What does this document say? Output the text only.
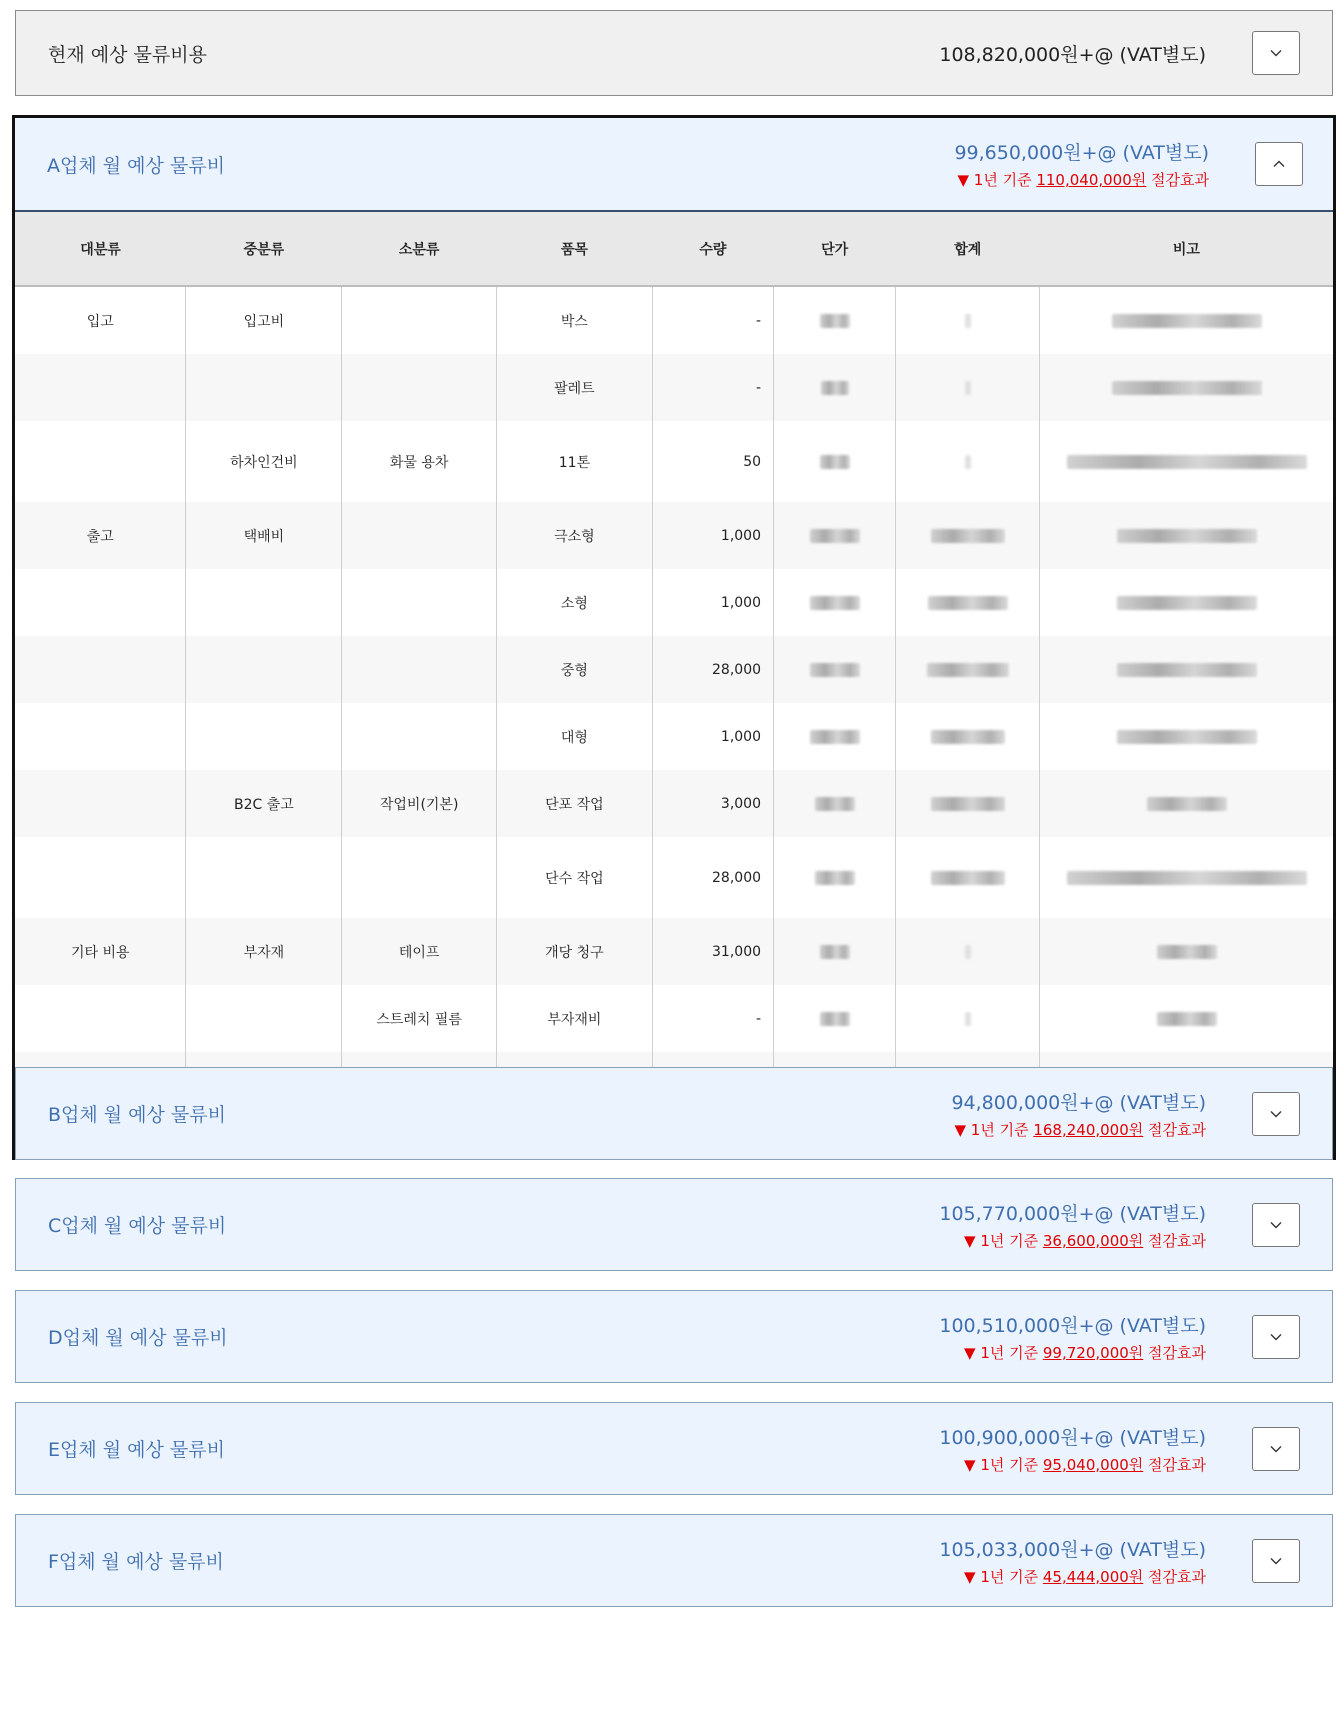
현재 예상 물류비용	108,820,000원+@ (VAT별도)
A업체 월 예상 물류비
99,650,000원+@ (VAT별도)
▼ 1년 기준 110,040,000원 절감효과
대분류	중분류	소분류	품목	수량	단가	합계	비고
입고	입고비		박스	-			
			팔레트	-			
	하차인건비	화물 용차	11톤	50			
출고	택배비		극소형	1,000			
			소형	1,000			
			중형	28,000			
			대형	1,000			
	B2C 출고	작업비(기본)	단포 작업	3,000			
			단수 작업	28,000			
기타 비용	부자재	테이프	개당 청구	31,000			
		스트레치 필름	부자재비	-			

B업체 월 예상 물류비
94,800,000원+@ (VAT별도)
▼ 1년 기준 168,240,000원 절감효과
C업체 월 예상 물류비
105,770,000원+@ (VAT별도)
▼ 1년 기준 36,600,000원 절감효과
D업체 월 예상 물류비
100,510,000원+@ (VAT별도)
▼ 1년 기준 99,720,000원 절감효과
E업체 월 예상 물류비
100,900,000원+@ (VAT별도)
▼ 1년 기준 95,040,000원 절감효과
F업체 월 예상 물류비
105,033,000원+@ (VAT별도)
▼ 1년 기준 45,444,000원 절감효과
